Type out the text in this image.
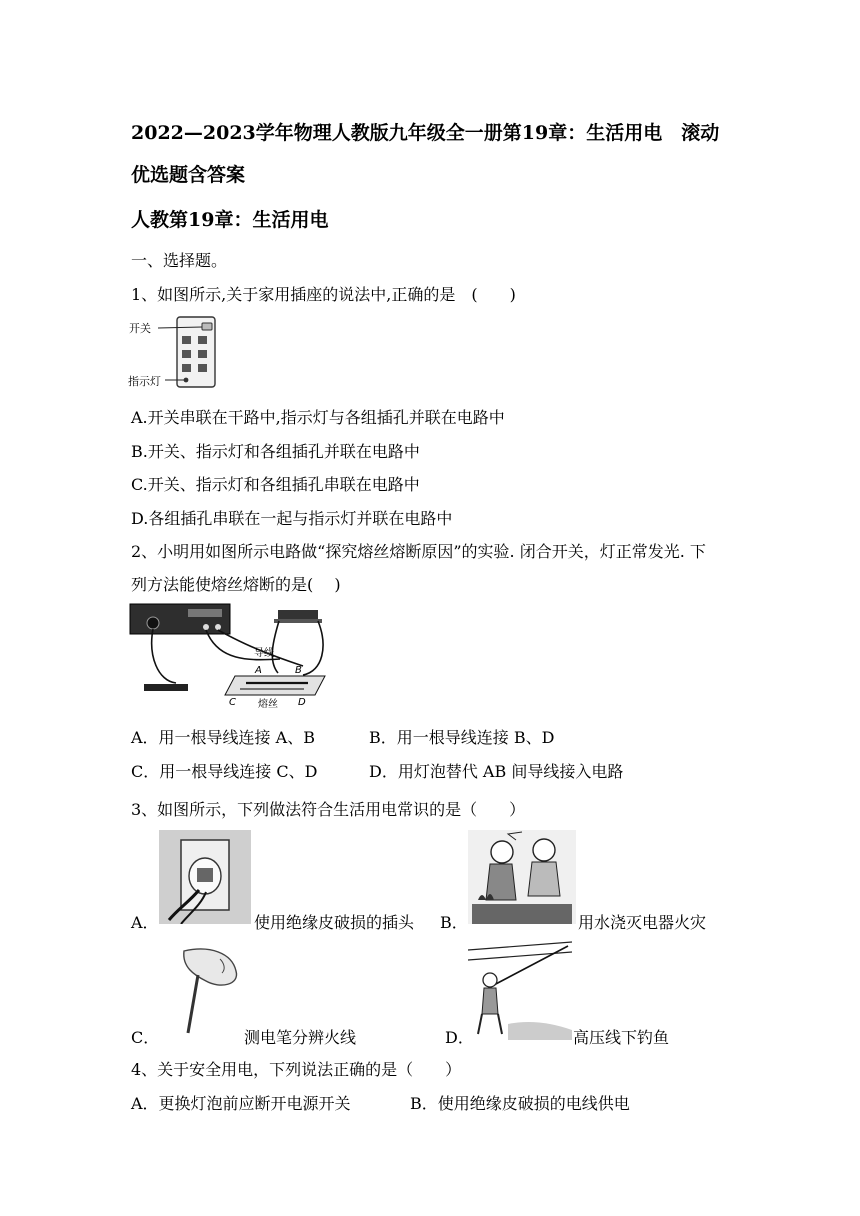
2022—2023学年物理人教版九年级全一册第19章：生活用电　滚动
优选题含答案
人教第19章：生活用电
一、选择题。
1、如图所示,关于家用插座的说法中,正确的是　(　　)
开关
指示灯
A.开关串联在干路中,指示灯与各组插孔并联在电路中
B.开关、指示灯和各组插孔并联在电路中
C.开关、指示灯和各组插孔串联在电路中
D.各组插孔串联在一起与指示灯并联在电路中
2、小明用如图所示电路做“探究熔丝熔断原因”的实验. 闭合开关，灯正常发光. 下
列方法能使熔丝熔断的是(　 )
导线
A	B
C	D
熔丝
A．用一根导线连接 A、B	B．用一根导线连接 B、D
C．用一根导线连接 C、D	D．用灯泡替代 AB 间导线接入电路
3、如图所示，下列做法符合生活用电常识的是（　　）
A．	使用绝缘皮破损的插头 B．	用水浇灭电器火灾
C．	测电笔分辨火线	D．	高压线下钓鱼
4、关于安全用电，下列说法正确的是（　　）
A．更换灯泡前应断开电源开关	B．使用绝缘皮破损的电线供电
